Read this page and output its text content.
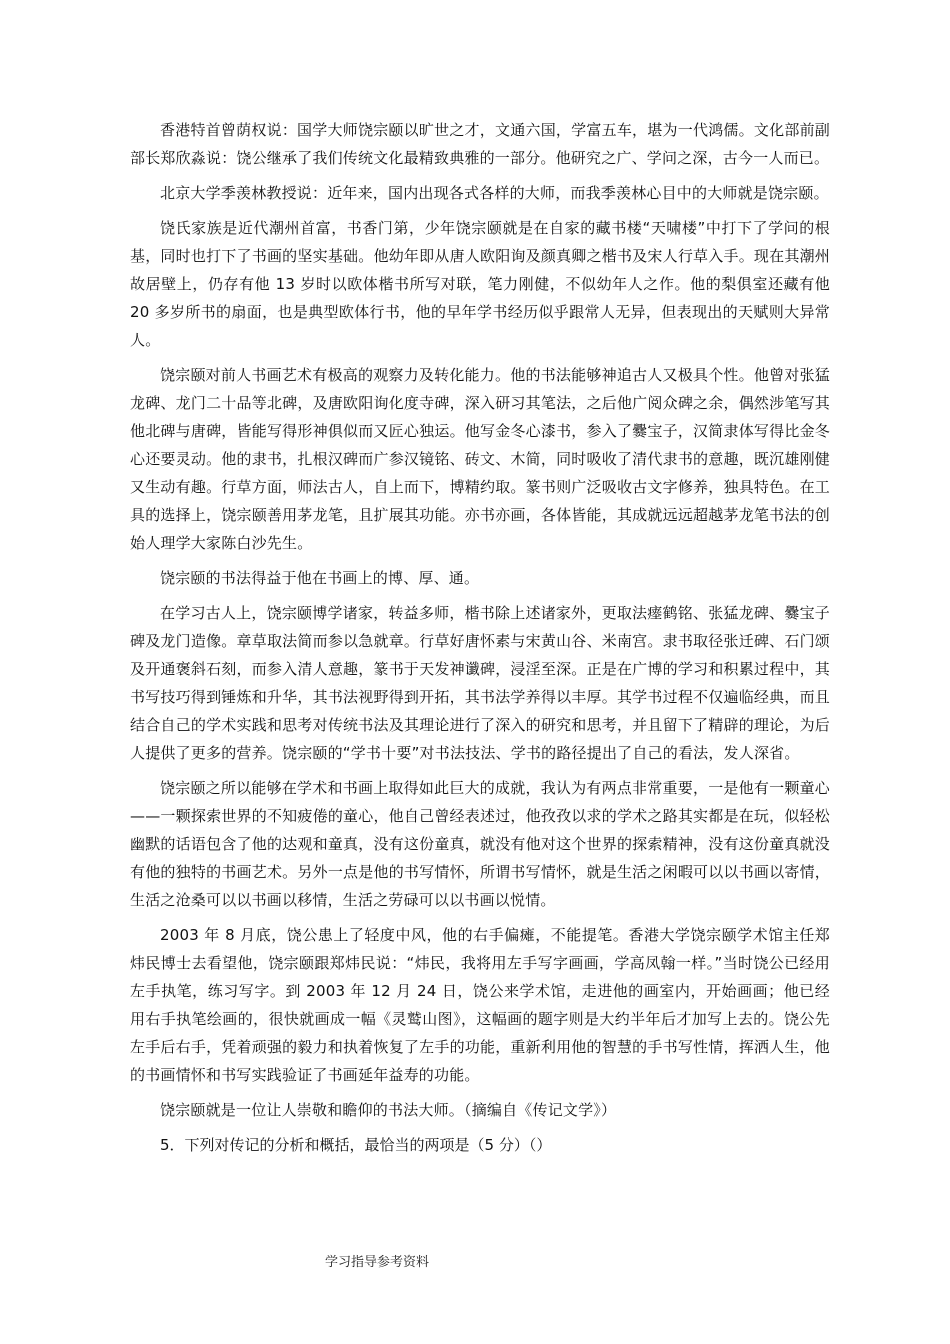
香港特首曾荫权说：国学大师饶宗颐以旷世之才，文通六国，学富五车，堪为一代鸿儒。文化部前副部长郑欣淼说：饶公继承了我们传统文化最精致典雅的一部分。他研究之广、学问之深，古今一人而已。

北京大学季羡林教授说：近年来，国内出现各式各样的大师，而我季羡林心目中的大师就是饶宗颐。

饶氏家族是近代潮州首富，书香门第，少年饶宗颐就是在自家的藏书楼“天啸楼”中打下了学问的根基，同时也打下了书画的坚实基础。他幼年即从唐人欧阳询及颜真卿之楷书及宋人行草入手。现在其潮州故居壁上，仍存有他 13 岁时以欧体楷书所写对联，笔力刚健，不似幼年人之作。他的梨俱室还藏有他 20 多岁所书的扇面，也是典型欧体行书，他的早年学书经历似乎跟常人无异，但表现出的天赋则大异常人。

饶宗颐对前人书画艺术有极高的观察力及转化能力。他的书法能够神追古人又极具个性。他曾对张猛龙碑、龙门二十品等北碑，及唐欧阳询化度寺碑，深入研习其笔法，之后他广阅众碑之余，偶然涉笔写其他北碑与唐碑，皆能写得形神俱似而又匠心独运。他写金冬心漆书，参入了爨宝子，汉简隶体写得比金冬心还要灵动。他的隶书，扎根汉碑而广参汉镜铭、砖文、木简，同时吸收了清代隶书的意趣，既沉雄刚健又生动有趣。行草方面，师法古人，自上而下，博精约取。篆书则广泛吸收古文字修养，独具特色。在工具的选择上，饶宗颐善用茅龙笔，且扩展其功能。亦书亦画，各体皆能，其成就远远超越茅龙笔书法的创始人理学大家陈白沙先生。

饶宗颐的书法得益于他在书画上的博、厚、通。

在学习古人上，饶宗颐博学诸家，转益多师，楷书除上述诸家外，更取法瘗鹤铭、张猛龙碑、爨宝子碑及龙门造像。章草取法简而参以急就章。行草好唐怀素与宋黄山谷、米南宫。隶书取径张迁碑、石门颂及开通褒斜石刻，而参入清人意趣，篆书于天发神谶碑，浸淫至深。正是在广博的学习和积累过程中，其书写技巧得到锤炼和升华，其书法视野得到开拓，其书法学养得以丰厚。其学书过程不仅遍临经典，而且结合自己的学术实践和思考对传统书法及其理论进行了深入的研究和思考，并且留下了精辟的理论，为后人提供了更多的营养。饶宗颐的“学书十要”对书法技法、学书的路径提出了自己的看法，发人深省。

饶宗颐之所以能够在学术和书画上取得如此巨大的成就，我认为有两点非常重要，一是他有一颗童心——一颗探索世界的不知疲倦的童心，他自己曾经表述过，他孜孜以求的学术之路其实都是在玩，似轻松幽默的话语包含了他的达观和童真，没有这份童真，就没有他对这个世界的探索精神，没有这份童真就没有他的独特的书画艺术。另外一点是他的书写情怀，所谓书写情怀，就是生活之闲暇可以以书画以寄情，生活之沧桑可以以书画以移情，生活之劳碌可以以书画以悦情。

2003 年 8 月底，饶公患上了轻度中风，他的右手偏瘫，不能提笔。香港大学饶宗颐学术馆主任郑炜民博士去看望他，饶宗颐跟郑炜民说：“炜民，我将用左手写字画画，学高凤翰一样。”当时饶公已经用左手执笔，练习写字。到 2003 年 12 月 24 日，饶公来学术馆，走进他的画室内，开始画画；他已经用右手执笔绘画的，很快就画成一幅《灵鹫山图》，这幅画的题字则是大约半年后才加写上去的。饶公先左手后右手，凭着顽强的毅力和执着恢复了左手的功能，重新利用他的智慧的手书写性情，挥洒人生，他的书画情怀和书写实践验证了书画延年益寿的功能。

饶宗颐就是一位让人崇敬和瞻仰的书法大师。（摘编自《传记文学》）

5．下列对传记的分析和概括，最恰当的两项是（5 分）（）

学习指导参考资料
